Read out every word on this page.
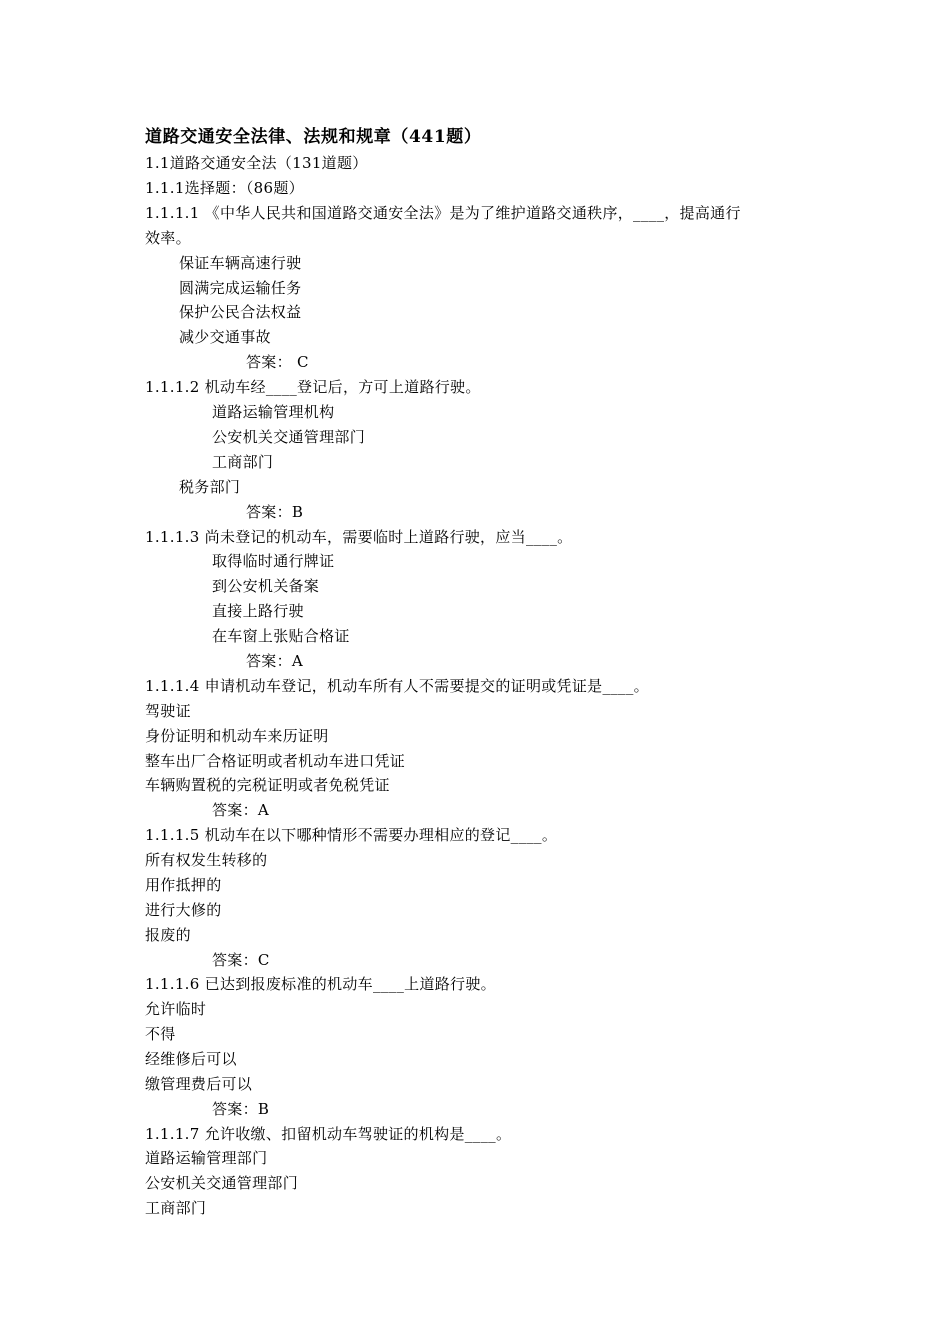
道路交通安全法律、法规和规章（441题）
1.1道路交通安全法（131道题）
1.1.1选择题：（86题）
1.1.1.1 《中华人民共和国道路交通安全法》是为了维护道路交通秩序，____，提高通行
效率。
保证车辆高速行驶
圆满完成运输任务
保护公民合法权益
减少交通事故
答案： C
1.1.1.2 机动车经____登记后，方可上道路行驶。
道路运输管理机构
公安机关交通管理部门
工商部门
税务部门
答案：B
1.1.1.3 尚未登记的机动车，需要临时上道路行驶，应当____。
取得临时通行牌证
到公安机关备案
直接上路行驶
在车窗上张贴合格证
答案：A
1.1.1.4 申请机动车登记，机动车所有人不需要提交的证明或凭证是____。
驾驶证
身份证明和机动车来历证明
整车出厂合格证明或者机动车进口凭证
车辆购置税的完税证明或者免税凭证
答案：A
1.1.1.5 机动车在以下哪种情形不需要办理相应的登记____。
所有权发生转移的
用作抵押的
进行大修的
报废的
答案：C
1.1.1.6 已达到报废标准的机动车____上道路行驶。
允许临时
不得
经维修后可以
缴管理费后可以
答案：B
1.1.1.7 允许收缴、扣留机动车驾驶证的机构是____。
道路运输管理部门
公安机关交通管理部门
工商部门
